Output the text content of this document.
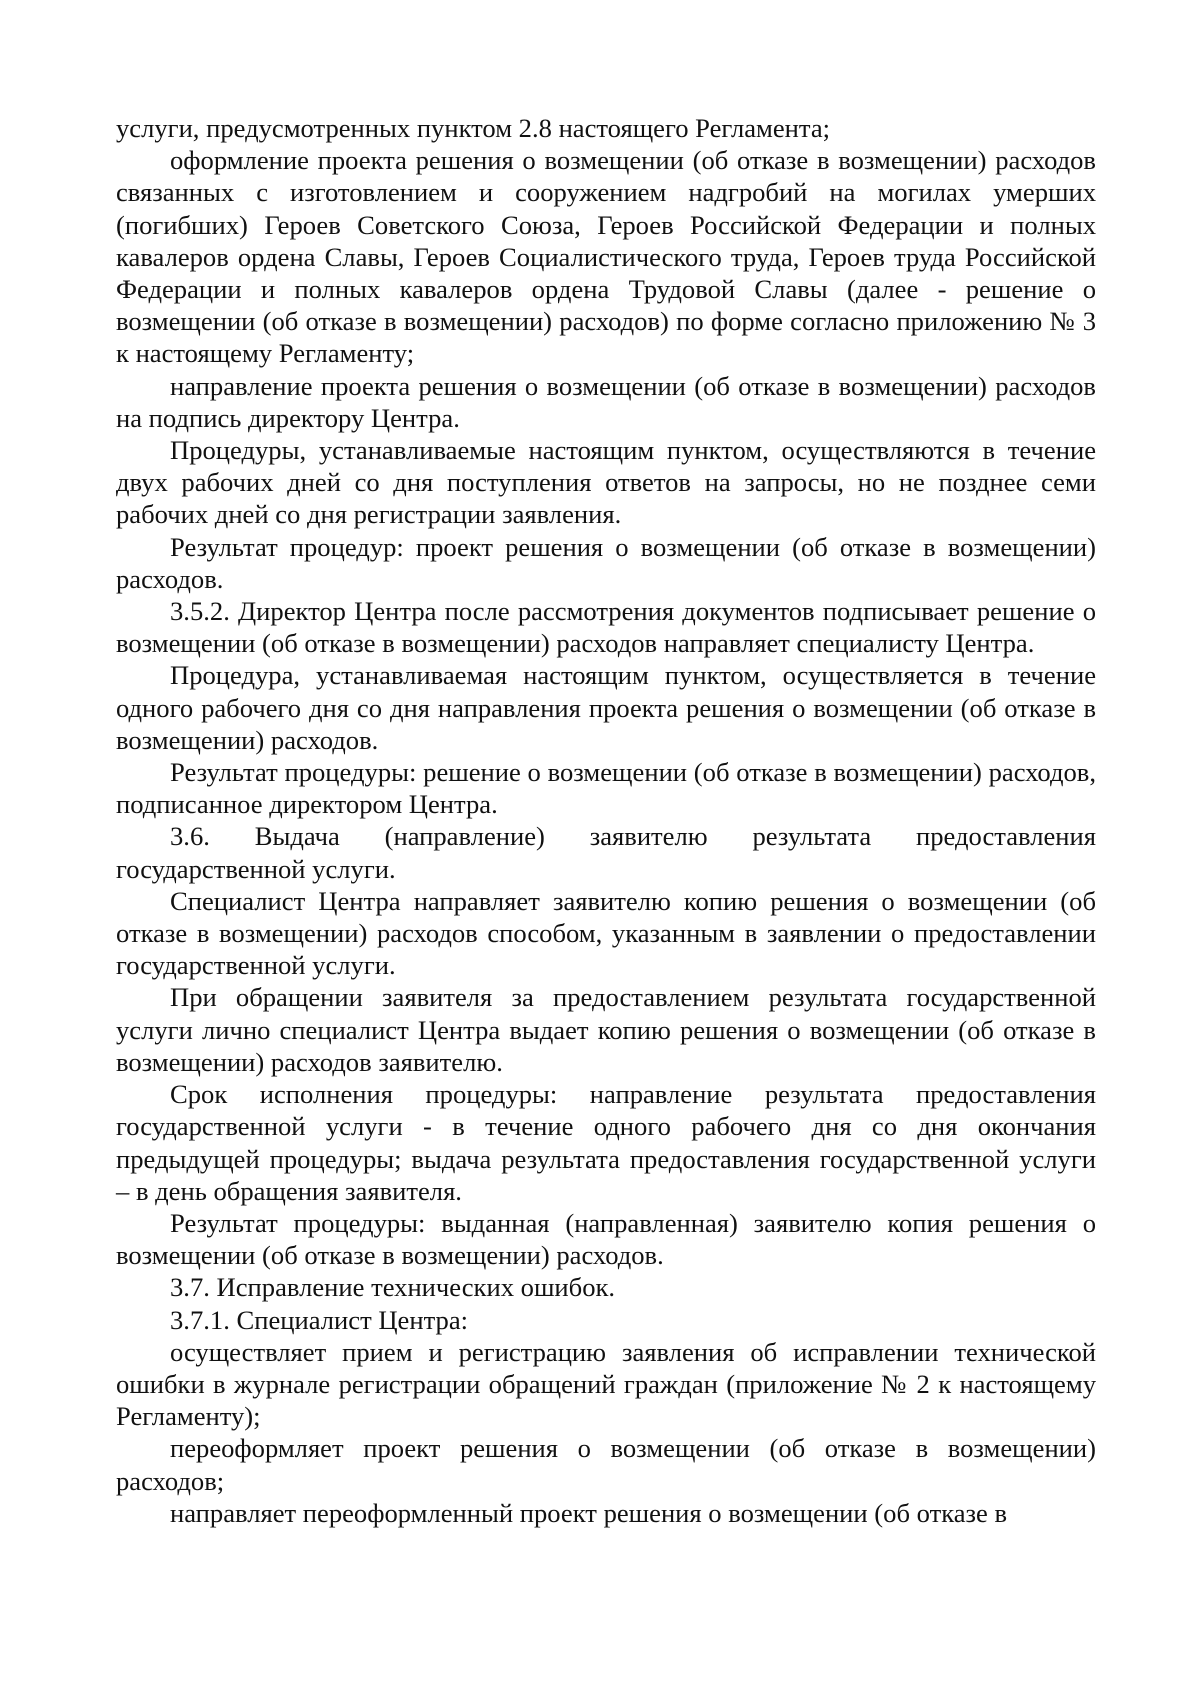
услуги, предусмотренных пунктом 2.8 настоящего Регламента;

оформление проекта решения о возмещении (об отказе в возмещении) расходов связанных с изготовлением и сооружением надгробий на могилах умерших (погибших) Героев Советского Союза, Героев Российской Федерации и полных кавалеров ордена Славы, Героев Социалистического труда, Героев труда Российской Федерации и полных кавалеров ордена Трудовой Славы (далее - решение о возмещении (об отказе в возмещении) расходов) по форме согласно приложению № 3 к настоящему Регламенту;

направление проекта решения о возмещении (об отказе в возмещении) расходов на подпись директору Центра.

Процедуры, устанавливаемые настоящим пунктом, осуществляются в течение двух рабочих дней со дня поступления ответов на запросы, но не позднее семи рабочих дней со дня регистрации заявления.

Результат процедур: проект решения о возмещении (об отказе в возмещении) расходов.

3.5.2. Директор Центра после рассмотрения документов подписывает решение о возмещении (об отказе в возмещении) расходов направляет специалисту Центра.

Процедура, устанавливаемая настоящим пунктом, осуществляется в течение одного рабочего дня со дня направления проекта решения о возмещении (об отказе в возмещении) расходов.

Результат процедуры: решение о возмещении (об отказе в возмещении) расходов, подписанное директором Центра.

3.6. Выдача (направление) заявителю результата предоставления государственной услуги.

Специалист Центра направляет заявителю копию решения о возмещении (об отказе в возмещении) расходов способом, указанным в заявлении о предоставлении государственной услуги.

При обращении заявителя за предоставлением результата государственной услуги лично специалист Центра выдает копию решения о возмещении (об отказе в возмещении) расходов заявителю.

Срок исполнения процедуры: направление результата предоставления государственной услуги - в течение одного рабочего дня со дня окончания предыдущей процедуры; выдача результата предоставления государственной услуги – в день обращения заявителя.

Результат процедуры: выданная (направленная) заявителю копия решения о возмещении (об отказе в возмещении) расходов.

3.7. Исправление технических ошибок.

3.7.1. Специалист Центра:

осуществляет прием и регистрацию заявления об исправлении технической ошибки в журнале регистрации обращений граждан (приложение № 2 к настоящему Регламенту);

переоформляет проект решения о возмещении (об отказе в возмещении) расходов;

направляет переоформленный проект решения о возмещении (об отказе в
